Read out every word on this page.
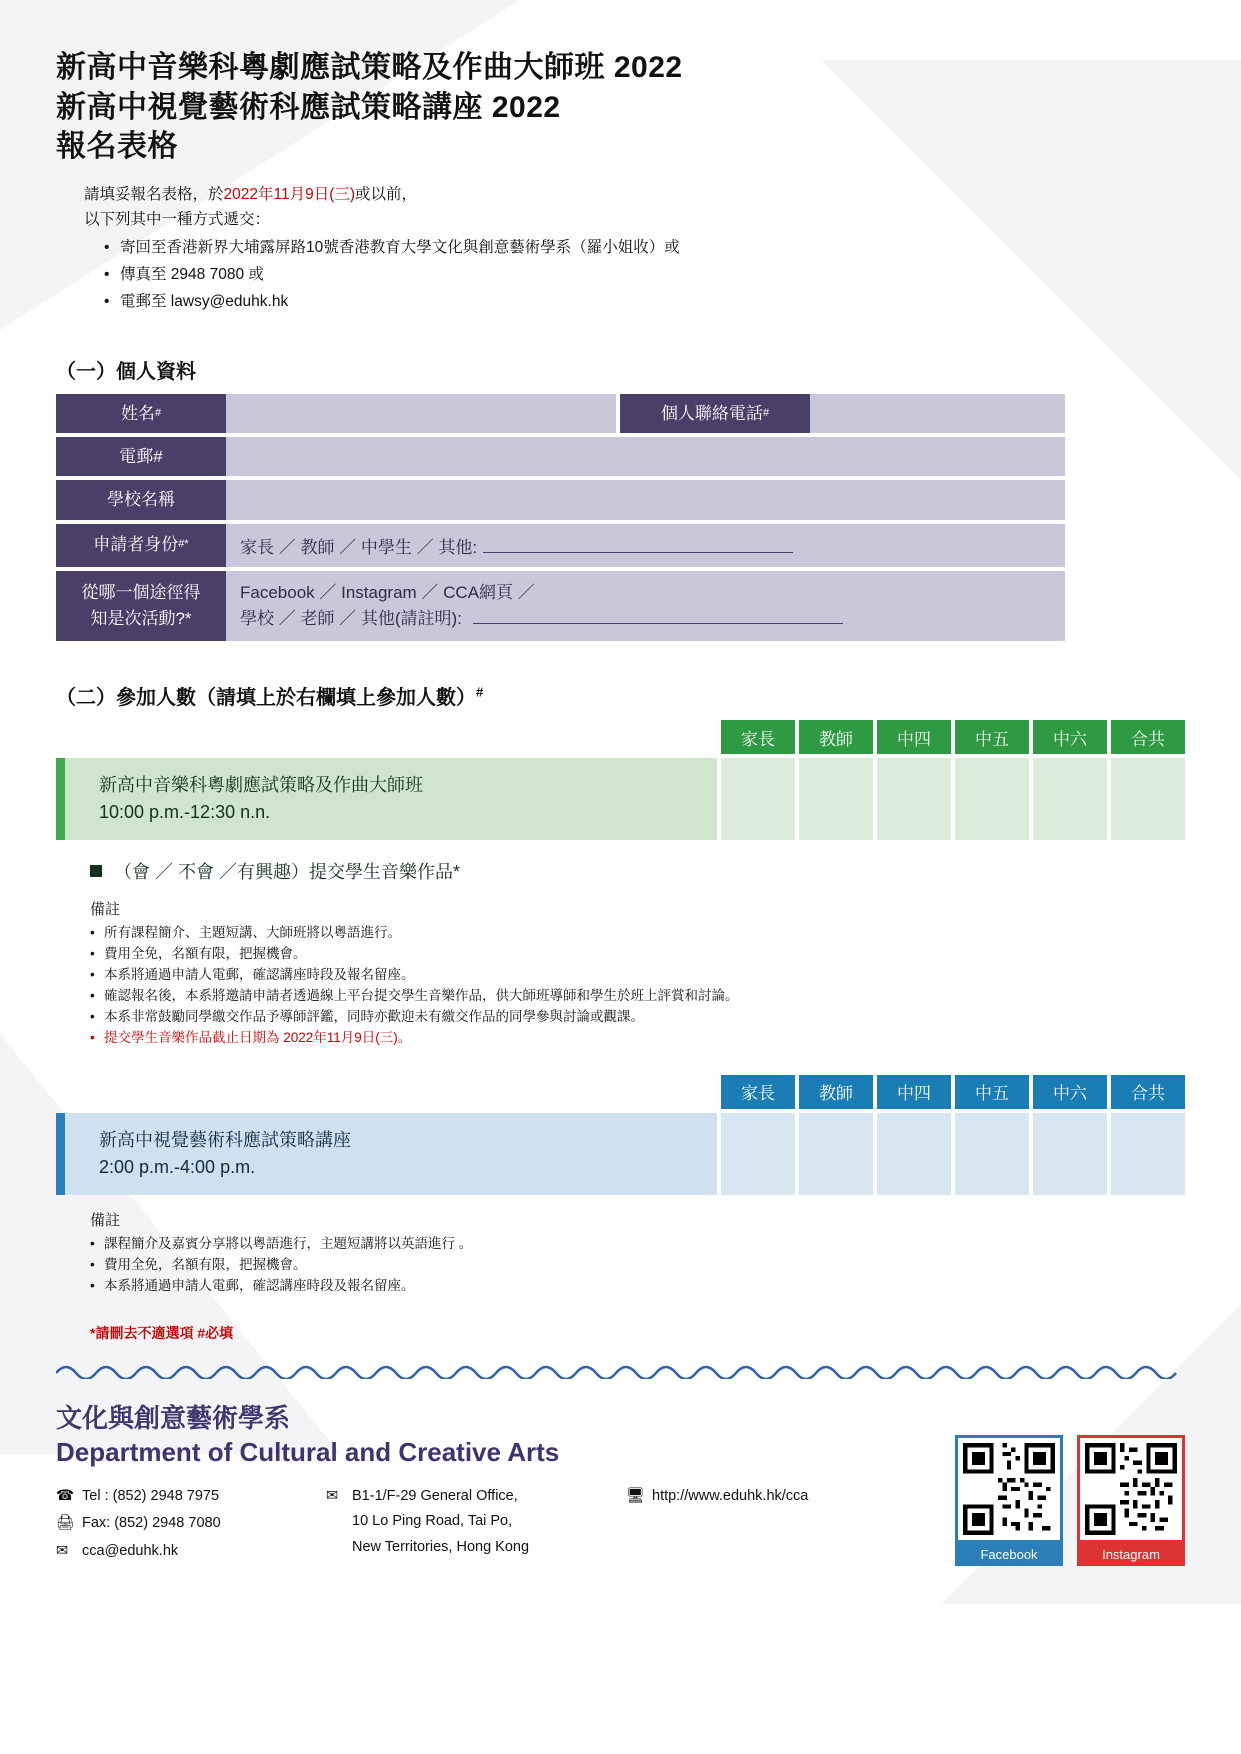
新高中音樂科粵劇應試策略及作曲大師班 2022
新高中視覺藝術科應試策略講座 2022
報名表格
請填妥報名表格，於2022年11月9日(三)或以前，
以下列其中一種方式遞交：
• 寄回至香港新界大埔露屏路10號香港教育大學文化與創意藝術學系（羅小姐收）或
• 傳真至 2948 7080 或
• 電郵至 lawsy@eduhk.hk
（一）個人資料
姓名 #	個人聯絡電話 #
電郵#
學校名稱
申請者身份 #*	家長 ／ 教師 ／ 中學生 ／ 其他:
從哪一個途徑得
知是次活動?*
Facebook ／ Instagram ／ CCA網頁 ／
學校 ／ 老師 ／ 其他(請註明):
（二）參加人數（請填上於右欄填上參加人數）#
家長	教師	中四	中五	中六	合共
新高中音樂科粵劇應試策略及作曲大師班
10:00 p.m.-12:30 n.n.
（會 ／ 不會 ／有興趣）提交學生音樂作品*
備註
• 所有課程簡介、主題短講、大師班將以粵語進行。
• 費用全免，名額有限，把握機會。
• 本系將通過申請人電郵，確認講座時段及報名留座。
• 確認報名後，本系將邀請申請者透過線上平台提交學生音樂作品，供大師班導師和學生於班上評賞和討論。
• 本系非常鼓勵同學繳交作品予導師評鑑，同時亦歡迎未有繳交作品的同學參與討論或觀課。
• 提交學生音樂作品截止日期為 2022年11月9日(三)。
家長	教師	中四	中五	中六	合共
新高中視覺藝術科應試策略講座
2:00 p.m.-4:00 p.m.
備註
• 課程簡介及嘉賓分享將以粵語進行，主題短講將以英語進行 。
• 費用全免，名額有限，把握機會。
• 本系將通過申請人電郵，確認講座時段及報名留座。
*請刪去不適選項 #必填
文化與創意藝術學系
Department of Cultural and Creative Arts
☎ Tel : (852) 2948 7975
🖨 Fax: (852) 2948 7080
✉ cca@eduhk.hk
✉ B1-1/F-29 General Office,
10 Lo Ping Road, Tai Po,
New Territories, Hong Kong
🖥 http://www.eduhk.hk/cca
Facebook	Instagram
